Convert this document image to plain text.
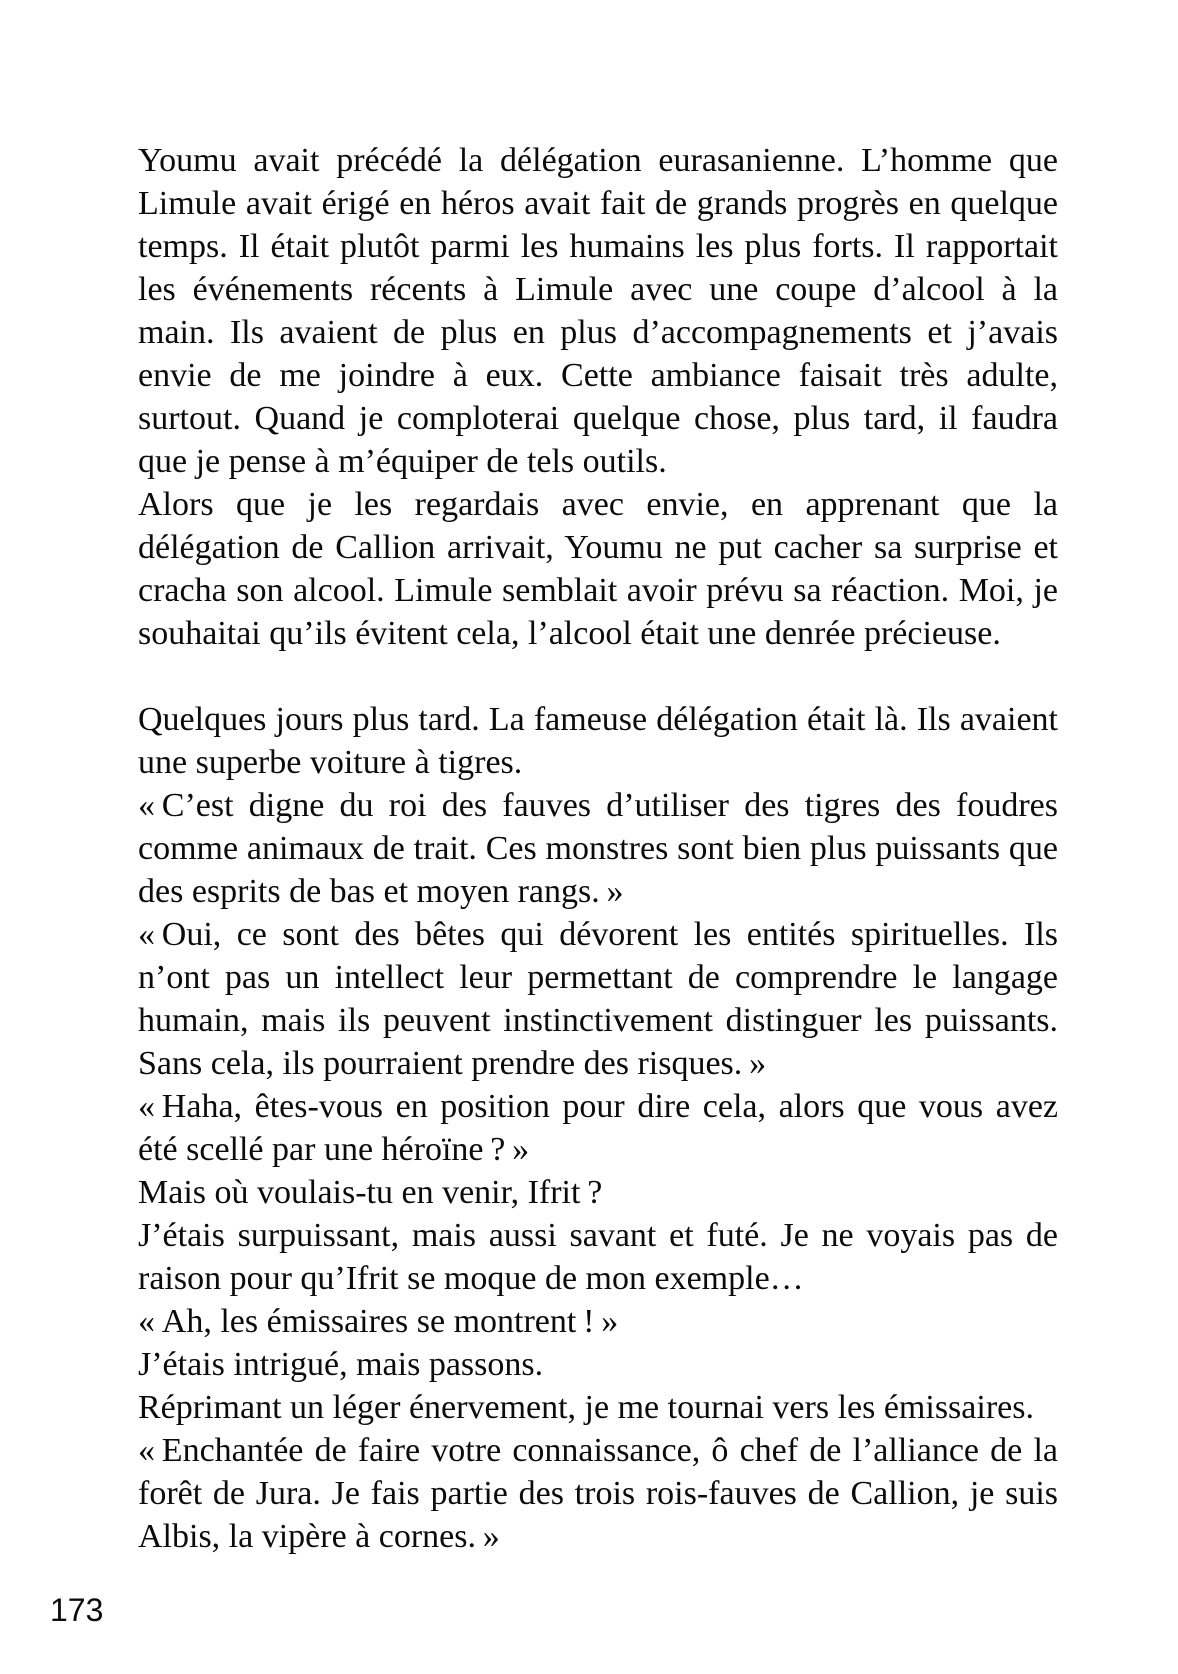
Youmu avait précédé la délégation eurasanienne. L’homme que Limule avait érigé en héros avait fait de grands progrès en quelque temps. Il était plutôt parmi les humains les plus forts. Il rapportait les événements récents à Limule avec une coupe d’alcool à la main. Ils avaient de plus en plus d’accompagnements et j’avais envie de me joindre à eux. Cette ambiance faisait très adulte, surtout. Quand je comploterai quelque chose, plus tard, il faudra que je pense à m’équiper de tels outils.

Alors que je les regardais avec envie, en apprenant que la délégation de Callion arrivait, Youmu ne put cacher sa surprise et cracha son alcool. Limule semblait avoir prévu sa réaction. Moi, je souhaitai qu’ils évitent cela, l’alcool était une denrée précieuse.

Quelques jours plus tard. La fameuse délégation était là. Ils avaient une superbe voiture à tigres.

« C’est digne du roi des fauves d’utiliser des tigres des foudres comme animaux de trait. Ces monstres sont bien plus puissants que des esprits de bas et moyen rangs. »

« Oui, ce sont des bêtes qui dévorent les entités spirituelles. Ils n’ont pas un intellect leur permettant de comprendre le langage humain, mais ils peuvent instinctivement distinguer les puissants. Sans cela, ils pourraient prendre des risques. »

« Haha, êtes-vous en position pour dire cela, alors que vous avez été scellé par une héroïne ? »

Mais où voulais-tu en venir, Ifrit ?

J’étais surpuissant, mais aussi savant et futé. Je ne voyais pas de raison pour qu’Ifrit se moque de mon exemple…

« Ah, les émissaires se montrent ! »

J’étais intrigué, mais passons.

Réprimant un léger énervement, je me tournai vers les émissaires.

« Enchantée de faire votre connaissance, ô chef de l’alliance de la forêt de Jura. Je fais partie des trois rois-fauves de Callion, je suis Albis, la vipère à cornes. »

173
